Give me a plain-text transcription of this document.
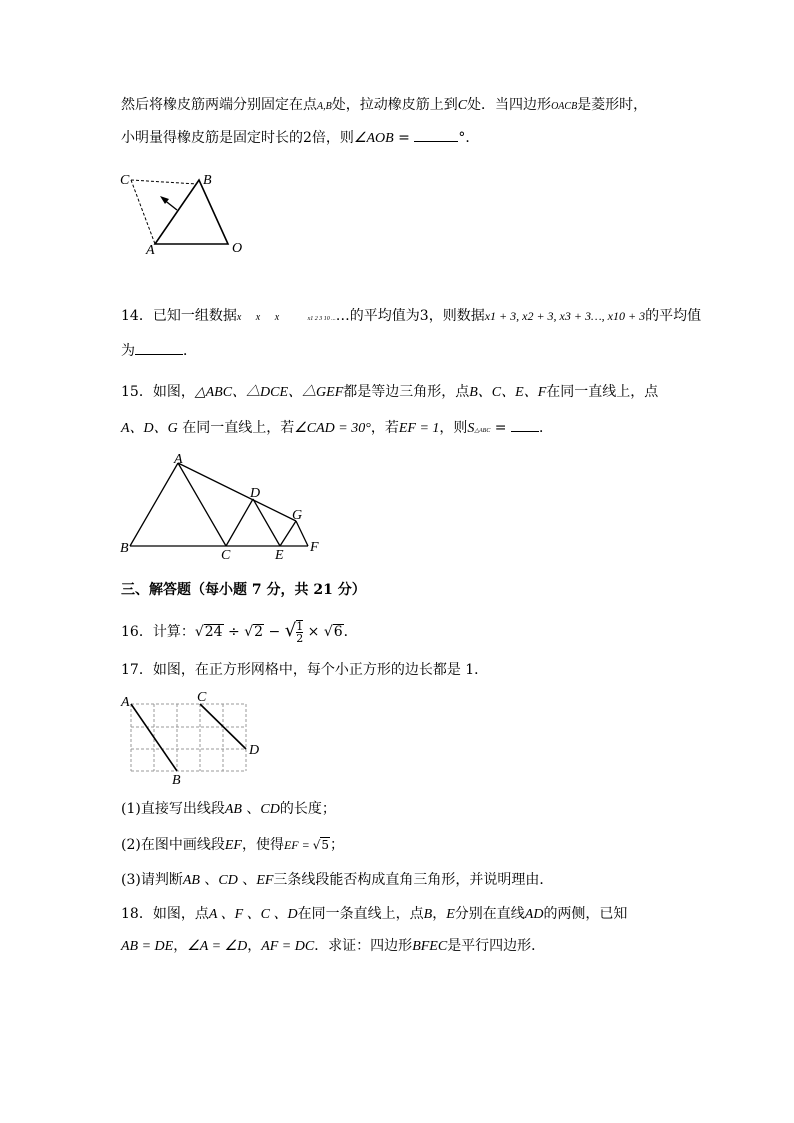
然后将橡皮筋两端分别固定在点A,B处，拉动橡皮筋上到C处．当四边形OACB是菱形时，
小明量得橡皮筋是固定时长的2倍，则∠AOB =	°．
C	B
A	O
14．已知一组数据x x x	x1 2 3 10 ...…的平均值为3，则数据x1 + 3, x2 + 3, x3 + 3…, x10 + 3的平均值
为	．
15．如图，△ABC、△DCE、△GEF都是等边三角形，点B、C、E、F在同一直线上，点
A、D、G 在同一直线上，若∠CAD = 30°，若EF = 1，则S△ABC = ．
A
D
G
B	C	E
F
三、解答题（每小题 7 分，共 21 分）
16．计算：√24 ÷ √2 − √ $\frac{1}{2} \times √6$．
17．如图，在正方形网格中，每个小正方形的边长都是 1．
A	C
D
B
(1)直接写出线段AB 、CD的长度；
(2)在图中画线段EF，使得EF = √5；
(3)请判断AB 、CD 、EF三条线段能否构成直角三角形，并说明理由．
18．如图，点A 、F 、C 、D在同一条直线上，点B，E分别在直线AD的两侧，已知
AB = DE，∠A = ∠D，AF = DC．求证：四边形BFEC是平行四边形．
